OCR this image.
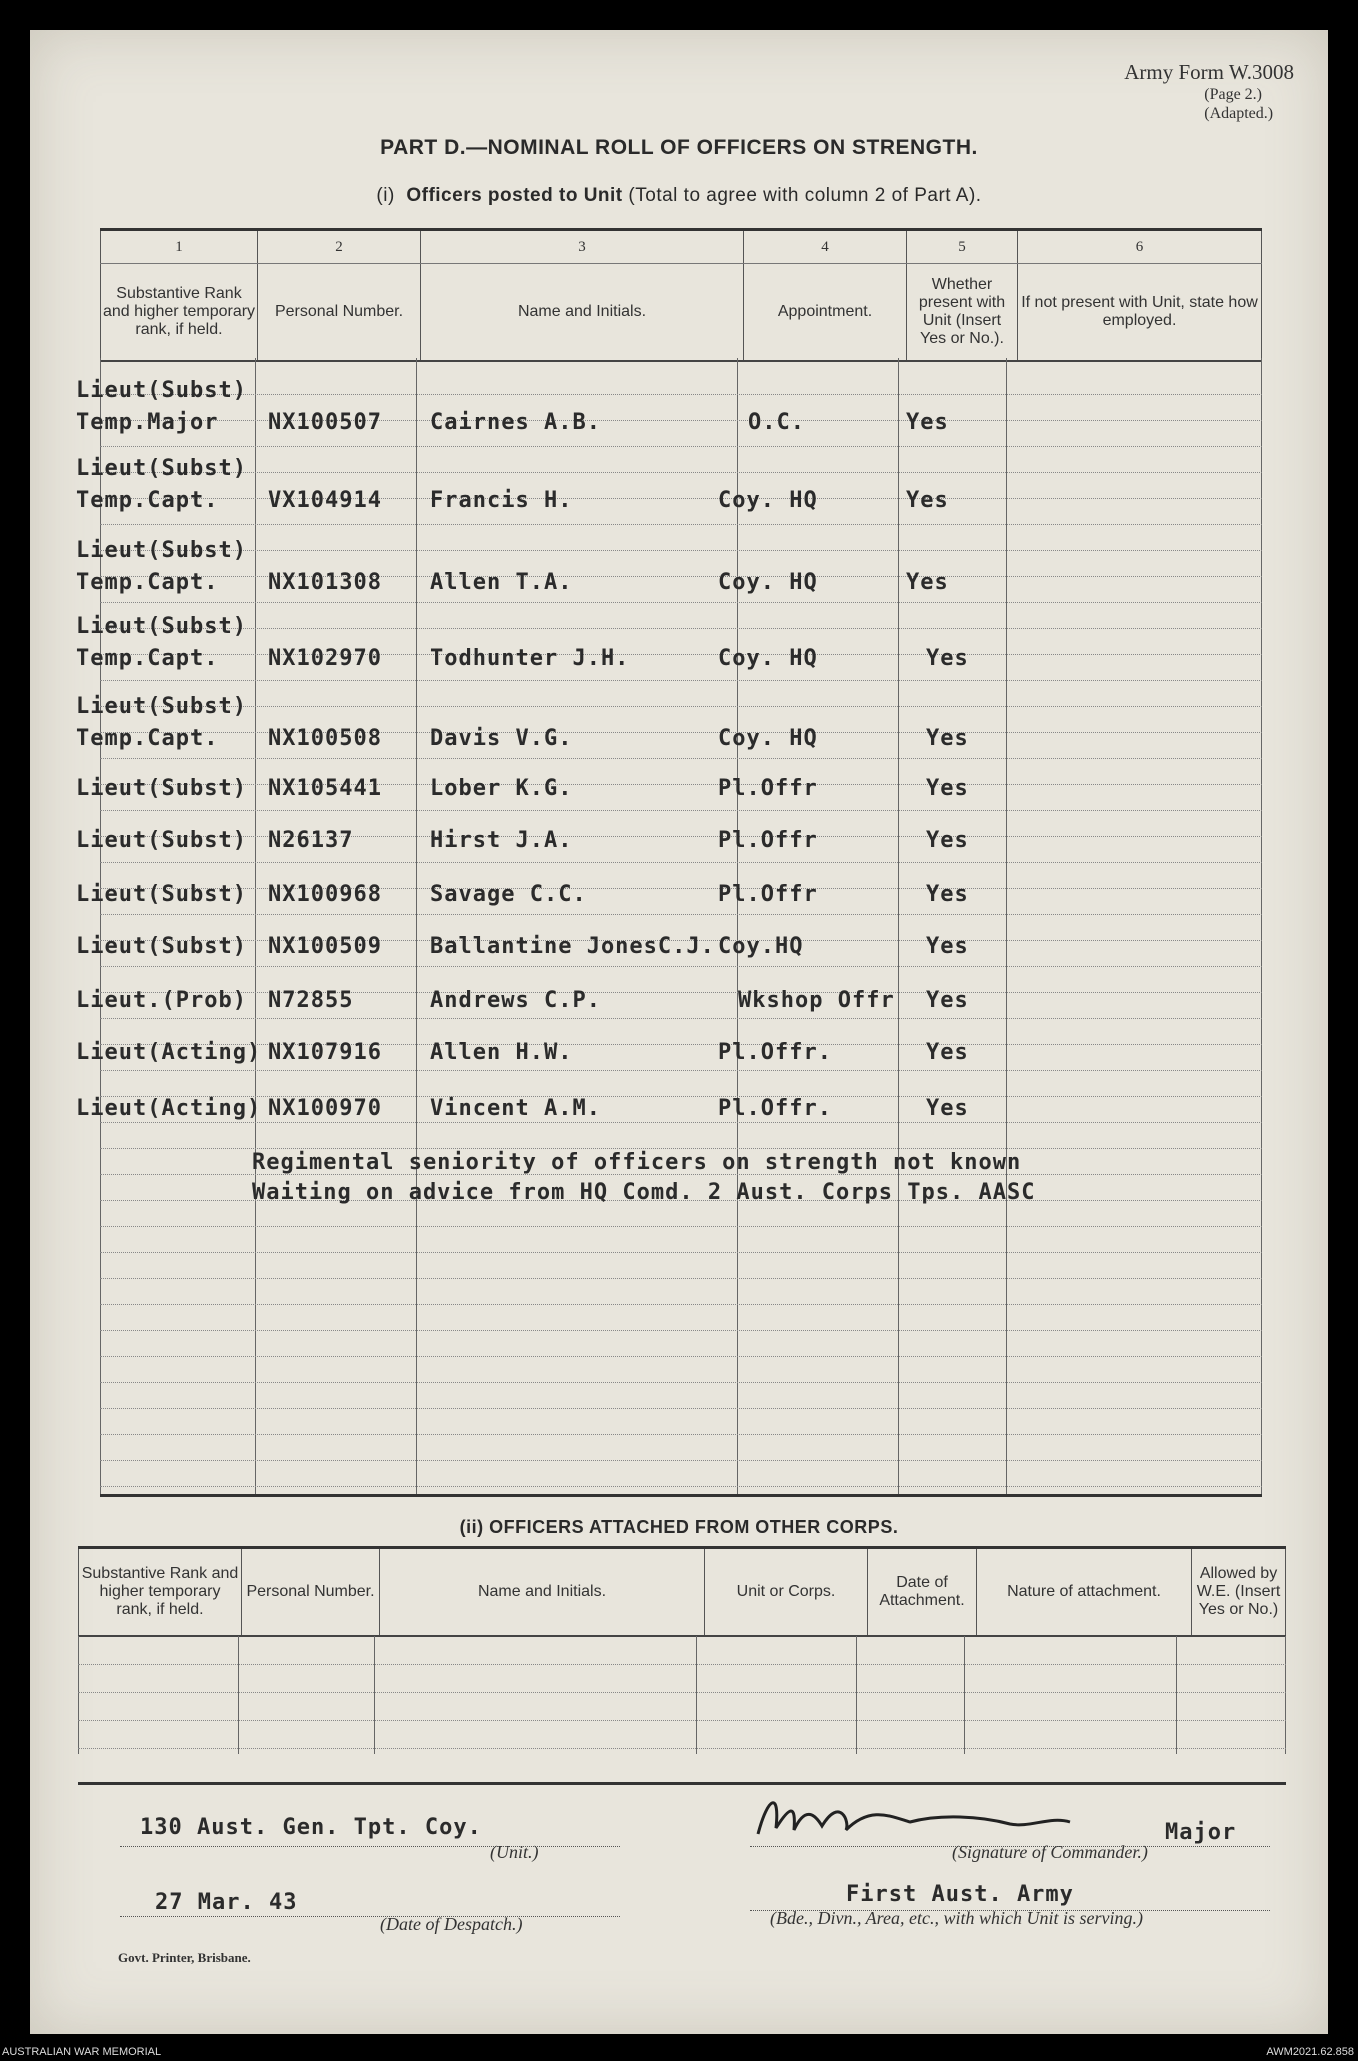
Army Form W.3008
(Page 2.)
(Adapted.)
PART D.—NOMINAL ROLL OF OFFICERS ON STRENGTH.
(i) Officers posted to Unit (Total to agree with column 2 of Part A).
1	2	3	4	5	6
Substantive Rank and higher temporary rank, if held.	Personal Number.	Name and Initials.	Appointment.	Whether present with Unit (Insert Yes or No.).	If not present with Unit, state how employed.
Lieut(Subst)
Temp.Major NX100507 Cairnes A.B.	O.C.	Yes
Lieut(Subst)
Temp.Capt. VX104914 Francis H.	Coy. HQ	Yes
Lieut(Subst)
Temp.Capt. NX101308 Allen T.A.	Coy. HQ	Yes
Lieut(Subst)
Temp.Capt. NX102970 Todhunter J.H.	Coy. HQ	Yes
Lieut(Subst)
Temp.Capt. NX100508 Davis V.G.	Coy. HQ	Yes
Lieut(Subst) NX105441 Lober K.G.	Pl.Offr	Yes
Lieut(Subst) N26137	Hirst J.A.	Pl.Offr	Yes
Lieut(Subst) NX100968 Savage C.C.	Pl.Offr	Yes
Lieut(Subst) NX100509 Ballantine JonesC.J. Coy.HQ	Yes
Lieut.(Prob) N72855	Andrews C.P.	Wkshop Offr Yes
Lieut(Acting) NX107916 Allen H.W.	Pl.Offr.	Yes
Lieut(Acting) NX100970 Vincent A.M.	Pl.Offr.	Yes
Regimental seniority of officers on strength not known
Waiting on advice from HQ Comd. 2 Aust. Corps Tps. AASC
(ii) OFFICERS ATTACHED FROM OTHER CORPS.
Substantive Rank and higher temporary rank, if held.	Personal Number.	Name and Initials.	Unit or Corps.	Date of Attachment.	Nature of attachment.	Allowed by W.E. (Insert Yes or No.)
130 Aust. Gen. Tpt. Coy.
(Unit.)
Major
(Signature of Commander.)
27 Mar. 43
(Date of Despatch.)
First Aust. Army
(Bde., Divn., Area, etc., with which Unit is serving.)
Govt. Printer, Brisbane.
AUSTRALIAN WAR MEMORIAL	AWM2021.62.858
